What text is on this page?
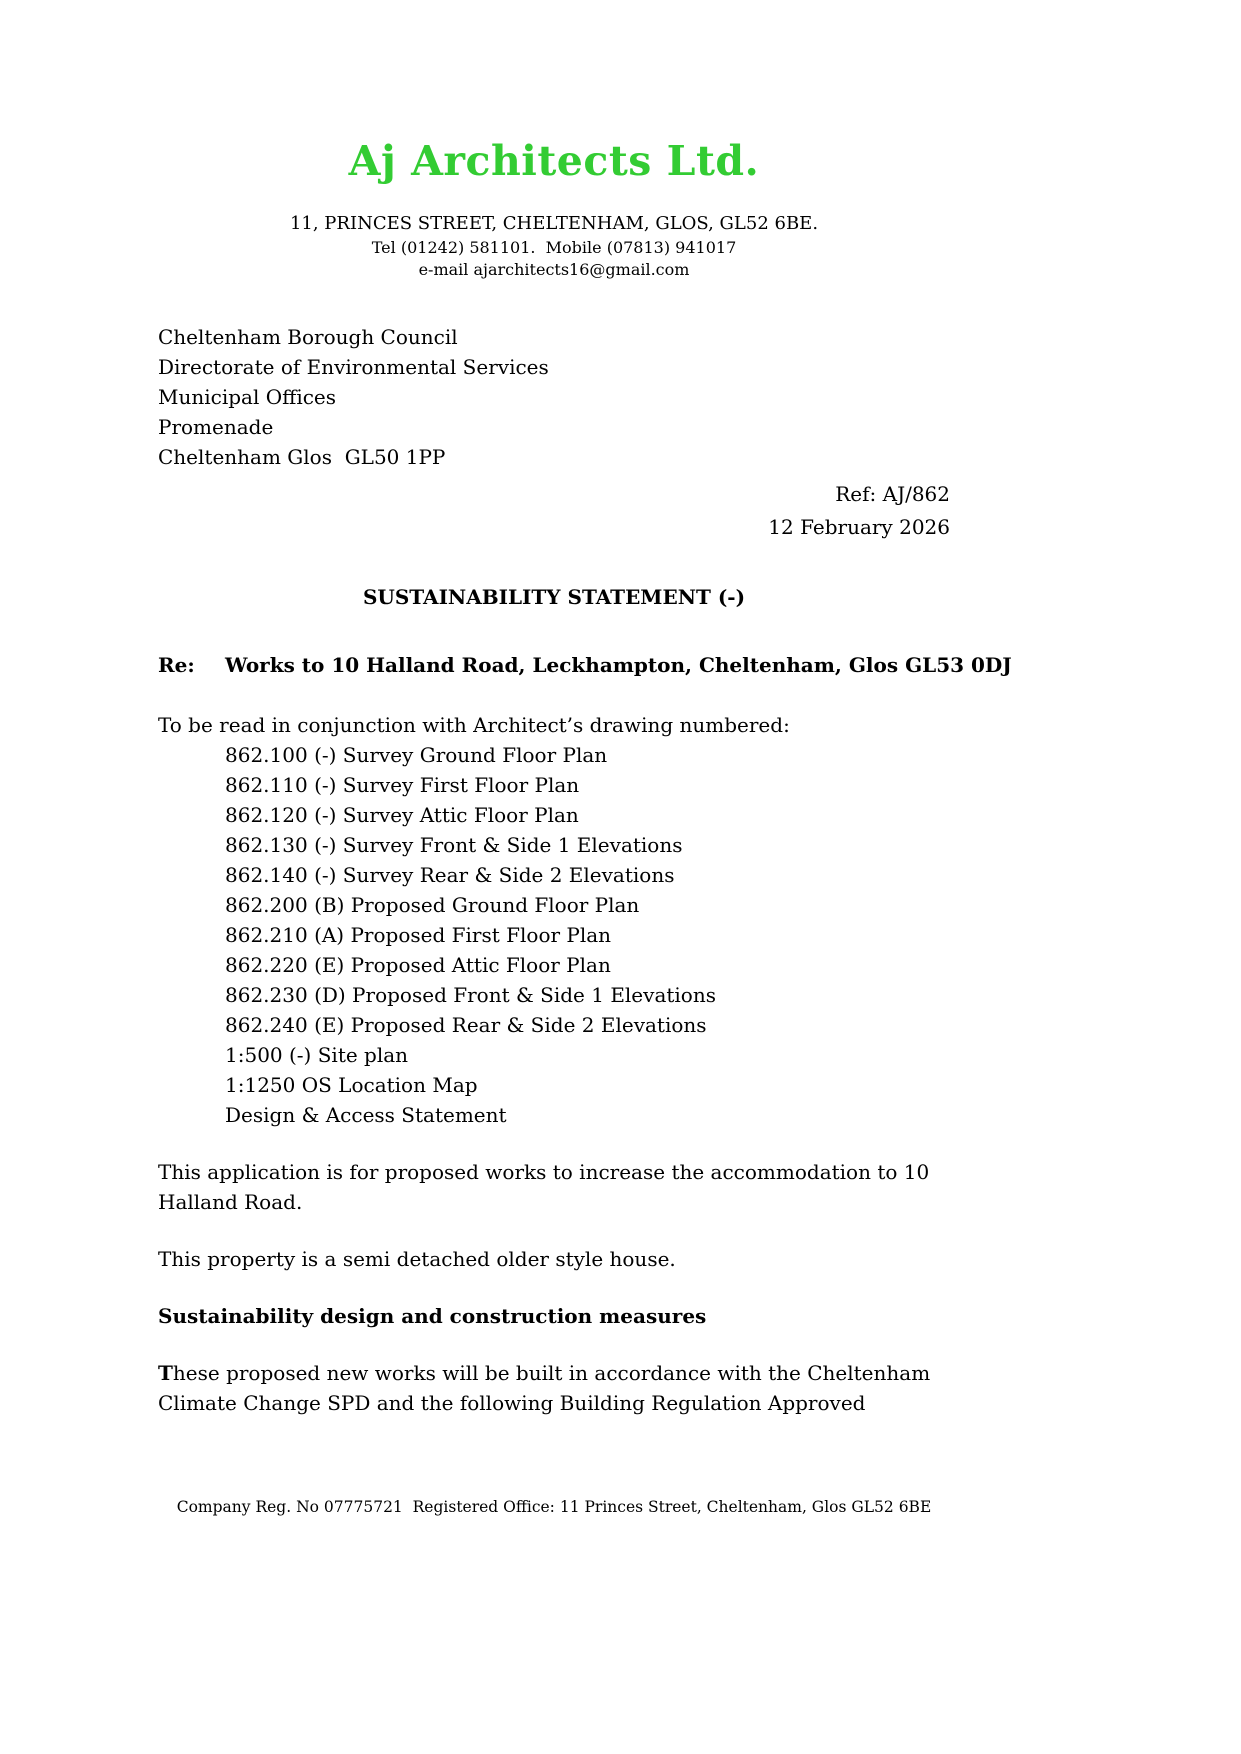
Aj Architects Ltd.
11, PRINCES STREET, CHELTENHAM, GLOS, GL52 6BE.
Tel (01242) 581101.  Mobile (07813) 941017
e-mail ajarchitects16@gmail.com
Cheltenham Borough Council
Directorate of Environmental Services
Municipal Offices
Promenade
Cheltenham Glos  GL50 1PP
Ref: AJ/862
12 February 2026
SUSTAINABILITY STATEMENT (-)
Re:	Works to 10 Halland Road, Leckhampton, Cheltenham, Glos GL53 0DJ

To be read in conjunction with Architect’s drawing numbered:

862.100 (-) Survey Ground Floor Plan
862.110 (-) Survey First Floor Plan
862.120 (-) Survey Attic Floor Plan
862.130 (-) Survey Front & Side 1 Elevations
862.140 (-) Survey Rear & Side 2 Elevations
862.200 (B) Proposed Ground Floor Plan
862.210 (A) Proposed First Floor Plan
862.220 (E) Proposed Attic Floor Plan
862.230 (D) Proposed Front & Side 1 Elevations
862.240 (E) Proposed Rear & Side 2 Elevations
1:500 (-) Site plan
1:1250 OS Location Map
Design & Access Statement
This application is for proposed works to increase the accommodation to 10
Halland Road.
This property is a semi detached older style house.
Sustainability design and construction measures
These proposed new works will be built in accordance with the Cheltenham
Climate Change SPD and the following Building Regulation Approved
Company Reg. No 07775721  Registered Office: 11 Princes Street, Cheltenham, Glos GL52 6BE
